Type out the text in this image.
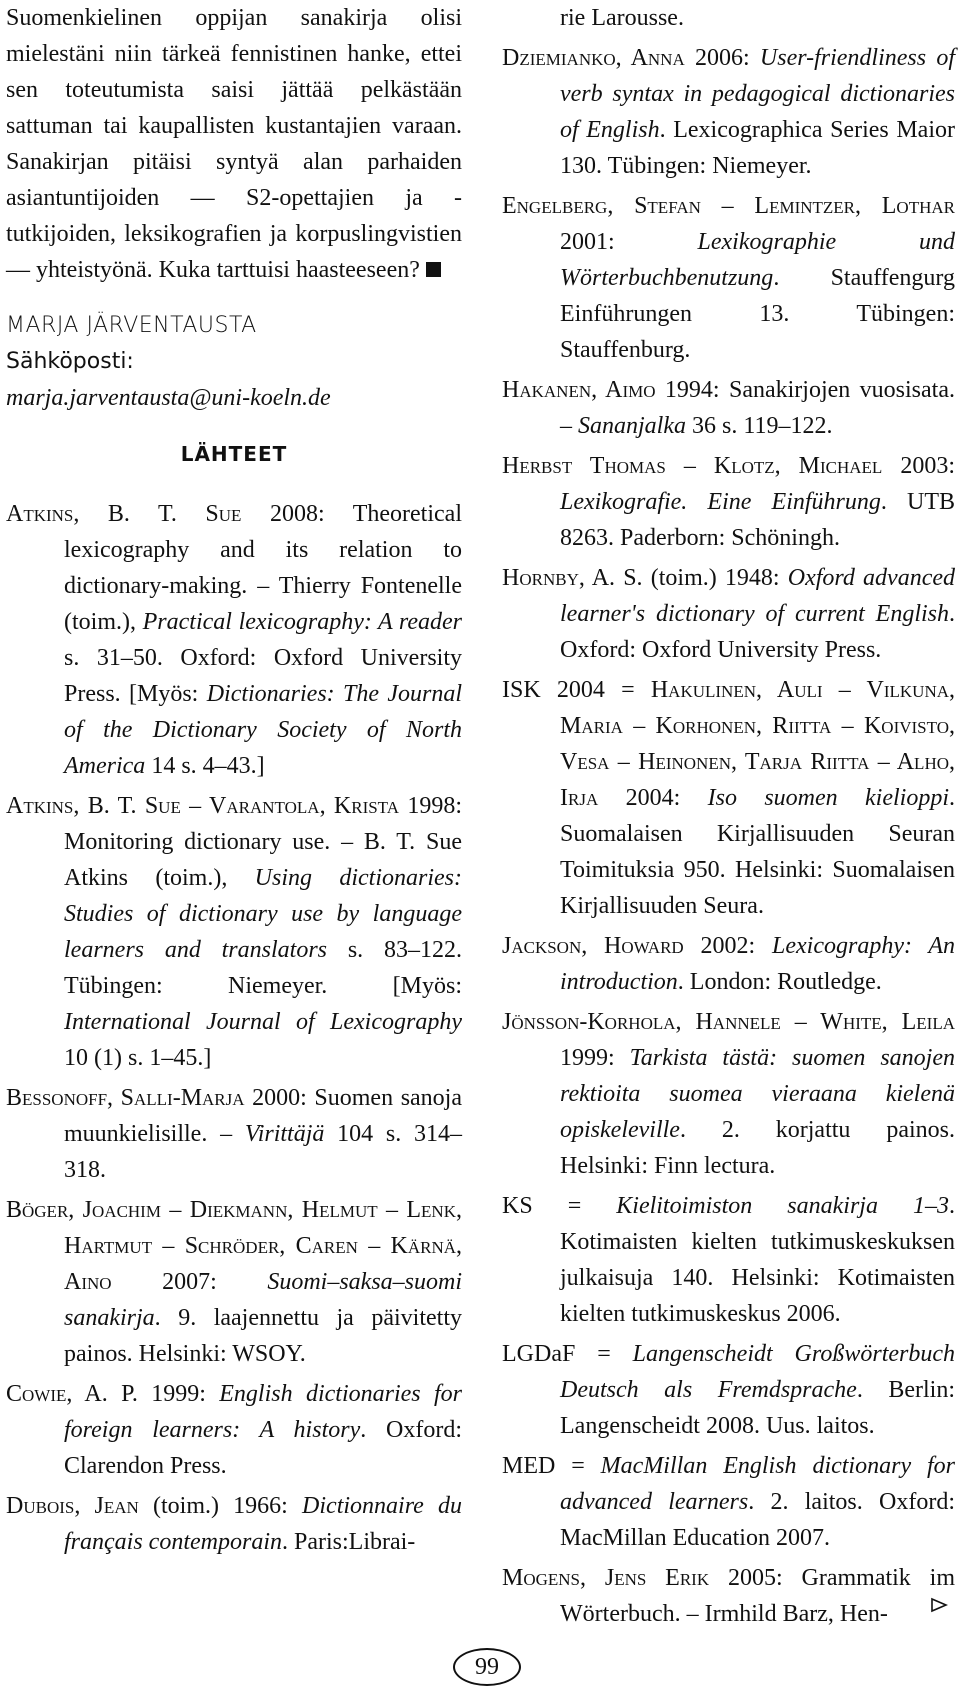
Suomenkielinen oppijan sanakirja olisi mielestäni niin tärkeä fennistinen hanke, ettei sen toteutumista saisi jättää pelkästään sattuman tai kaupallisten kustantajien varaan. Sanakirjan pitäisi syntyä alan parhaiden asiantuntijoiden — S2-opettajien ja -tutkijoiden, leksikografien ja korpuslingvistien — yhteistyönä. Kuka tarttuisi haasteeseen?

MARJA JÄRVENTAUSTA
Sähköposti:
marja.jarventausta@uni-koeln.de
LÄHTEET

Atkins, B. T. Sue 2008: Theoretical lexicography and its relation to dictionary-making. – Thierry Fontenelle (toim.), Practical lexicography: A reader s. 31–50. Oxford: Oxford University Press. [Myös: Dictionaries: The Journal of the Dictionary Society of North America 14 s. 4–43.]

Atkins, B. T. Sue – Varantola, Krista 1998: Monitoring dictionary use. – B. T. Sue Atkins (toim.), Using dictionaries: Studies of dictionary use by language learners and translators s. 83–122. Tübingen: Niemeyer. [Myös: International Journal of Lexicography 10 (1) s. 1–45.]

Bessonoff, Salli-Marja 2000: Suomen sanoja muunkielisille. – Virittäjä 104 s. 314–318.

Böger, Joachim – Diekmann, Helmut – Lenk, Hartmut – Schröder, Caren – Kärnä, Aino 2007: Suomi–saksa–suomi sanakirja. 9. laajennettu ja päivitetty painos. Helsinki: WSOY.

Cowie, A. P. 1999: English dictionaries for foreign learners: A history. Oxford: Clarendon Press.

Dubois, Jean (toim.) 1966: Dictionnaire du français contemporain. Paris:Librai-

rie Larousse.

Dziemianko, Anna 2006: User-friendliness of verb syntax in pedagogical dictionaries of English. Lexicographica Series Maior 130. Tübingen: Niemeyer.

Engelberg, Stefan – Lemintzer, Lothar 2001: Lexikographie und Wörterbuchbenutzung. Stauffengurg Einführungen 13. Tübingen: Stauffenburg.

Hakanen, Aimo 1994: Sanakirjojen vuosisata. – Sananjalka 36 s. 119–122.

Herbst Thomas – Klotz, Michael 2003: Lexikografie. Eine Einführung. UTB 8263. Paderborn: Schöningh.

Hornby, A. S. (toim.) 1948: Oxford advanced learner's dictionary of current English. Oxford: Oxford University Press.

ISK 2004 = Hakulinen, Auli – Vilkuna, Maria – Korhonen, Riitta – Koivisto, Vesa – Heinonen, Tarja Riitta – Alho, Irja 2004: Iso suomen kielioppi. Suomalaisen Kirjallisuuden Seuran Toimituksia 950. Helsinki: Suomalaisen Kirjallisuuden Seura.

Jackson, Howard 2002: Lexicography: An introduction. London: Routledge.

Jönsson-Korhola, Hannele – White, Leila 1999: Tarkista tästä: suomen sanojen rektioita suomea vieraana kielenä opiskeleville. 2. korjattu painos. Helsinki: Finn lectura.

KS = Kielitoimiston sanakirja 1–3. Kotimaisten kielten tutkimuskeskuksen julkaisuja 140. Helsinki: Kotimaisten kielten tutkimuskeskus 2006.

LGDaF = Langenscheidt Großwörterbuch Deutsch als Fremdsprache. Berlin: Langenscheidt 2008. Uus. laitos.

MED = MacMillan English dictionary for advanced learners. 2. laitos. Oxford: MacMillan Education 2007.

Mogens, Jens Erik 2005: Grammatik im Wörterbuch. – Irmhild Barz, Hen-

99
